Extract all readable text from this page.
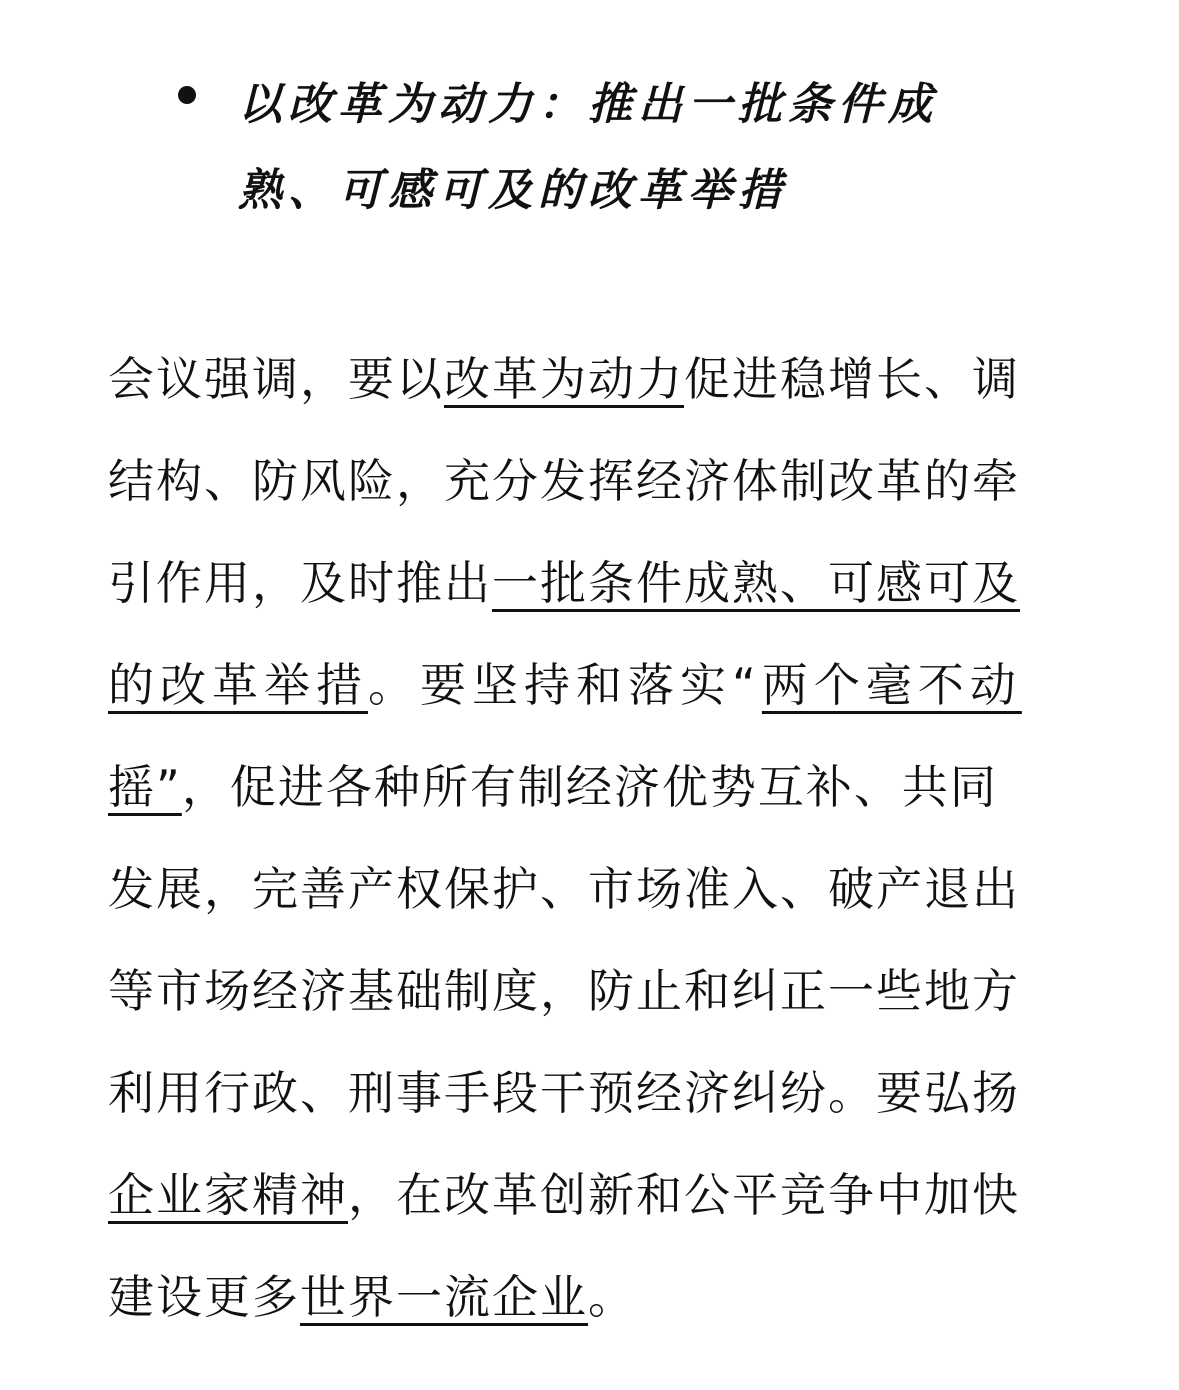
以改革为动力：推出一批条件成
熟、可感可及的改革举措
会议强调，要以改革为动力促进稳增长、调
结构、防风险，充分发挥经济体制改革的牵
引作用，及时推出一批条件成熟、可感可及
的改革举措。要坚持和落实“两个毫不动
摇”，促进各种所有制经济优势互补、共同
发展，完善产权保护、市场准入、破产退出
等市场经济基础制度，防止和纠正一些地方
利用行政、刑事手段干预经济纠纷。要弘扬
企业家精神，在改革创新和公平竞争中加快
建设更多世界一流企业。
